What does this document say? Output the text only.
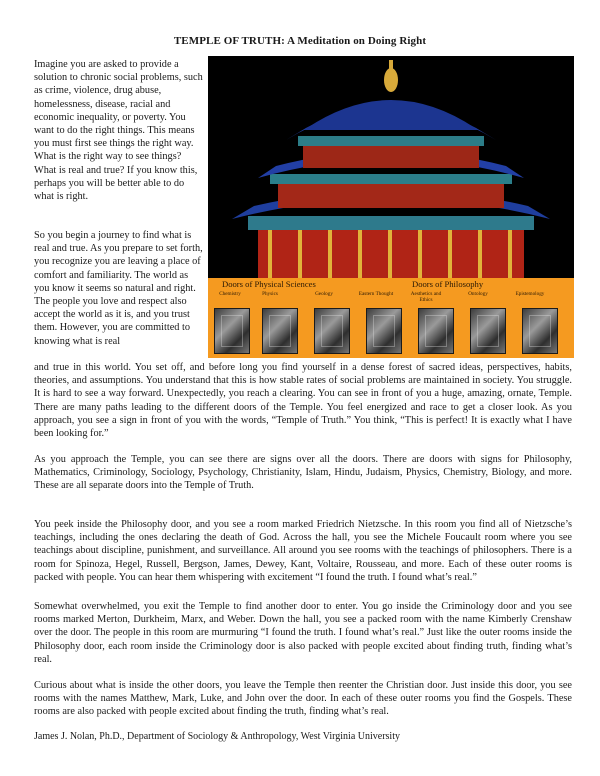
TEMPLE OF TRUTH: A Meditation on Doing Right

Imagine you are asked to provide a solution to chronic social problems, such as crime, violence, drug abuse, homelessness, disease, racial and economic inequality, or poverty. You want to do the right things. This means you must first see things the right way. What is the right way to see things? What is real and true? If you know this, perhaps you will be better able to do what is right.

So you begin a journey to find what is real and true. As you prepare to set forth, you recognize you are leaving a place of comfort and familiarity. The world as you know it seems so natural and right. The people you love and respect also accept the world as it is, and you trust them. However, you are committed to knowing what is real

Doors of Physical Sciences	Doors of Philosophy
Chemistry	Physics	Geology	Eastern Thought	Aesthetics and Ethics
Ontology	Epistemology

and true in this world. You set off, and before long you find yourself in a dense forest of sacred ideas, perspectives, habits, theories, and assumptions. You understand that this is how stable rates of social problems are maintained in society. You struggle. It is hard to see a way forward. Unexpectedly, you reach a clearing. You can see in front of you a huge, amazing, ornate, Temple. There are many paths leading to the different doors of the Temple. You feel energized and race to get a closer look. As you approach, you see a sign in front of you with the words, “Temple of Truth.” You think, “This is perfect! It is exactly what I have been looking for.”

As you approach the Temple, you can see there are signs over all the doors. There are doors with signs for Philosophy, Mathematics, Criminology, Sociology, Psychology, Christianity, Islam, Hindu, Judaism, Physics, Chemistry, Biology, and more. These are all separate doors into the Temple of Truth.

You peek inside the Philosophy door, and you see a room marked Friedrich Nietzsche. In this room you find all of Nietzsche’s teachings, including the ones declaring the death of God. Across the hall, you see the Michele Foucault room where you see teachings about discipline, punishment, and surveillance. All around you see rooms with the teachings of philosophers. There is a room for Spinoza, Hegel, Russell, Bergson, James, Dewey, Kant, Voltaire, Rousseau, and more. Each of these outer rooms is packed with people. You can hear them whispering with excitement “I found the truth. I found what’s real.”

Somewhat overwhelmed, you exit the Temple to find another door to enter. You go inside the Criminology door and you see rooms marked Merton, Durkheim, Marx, and Weber. Down the hall, you see a packed room with the name Kimberly Crenshaw over the door. The people in this room are murmuring “I found the truth. I found what’s real.” Just like the outer rooms inside the Philosophy door, each room inside the Criminology door is also packed with people excited about finding truth, finding what’s real.

Curious about what is inside the other doors, you leave the Temple then reenter the Christian door. Just inside this door, you see rooms with the names Matthew, Mark, Luke, and John over the door. In each of these outer rooms you find the Gospels. These rooms are also packed with people excited about finding the truth, finding what’s real.

James J. Nolan, Ph.D., Department of Sociology & Anthropology, West Virginia University
